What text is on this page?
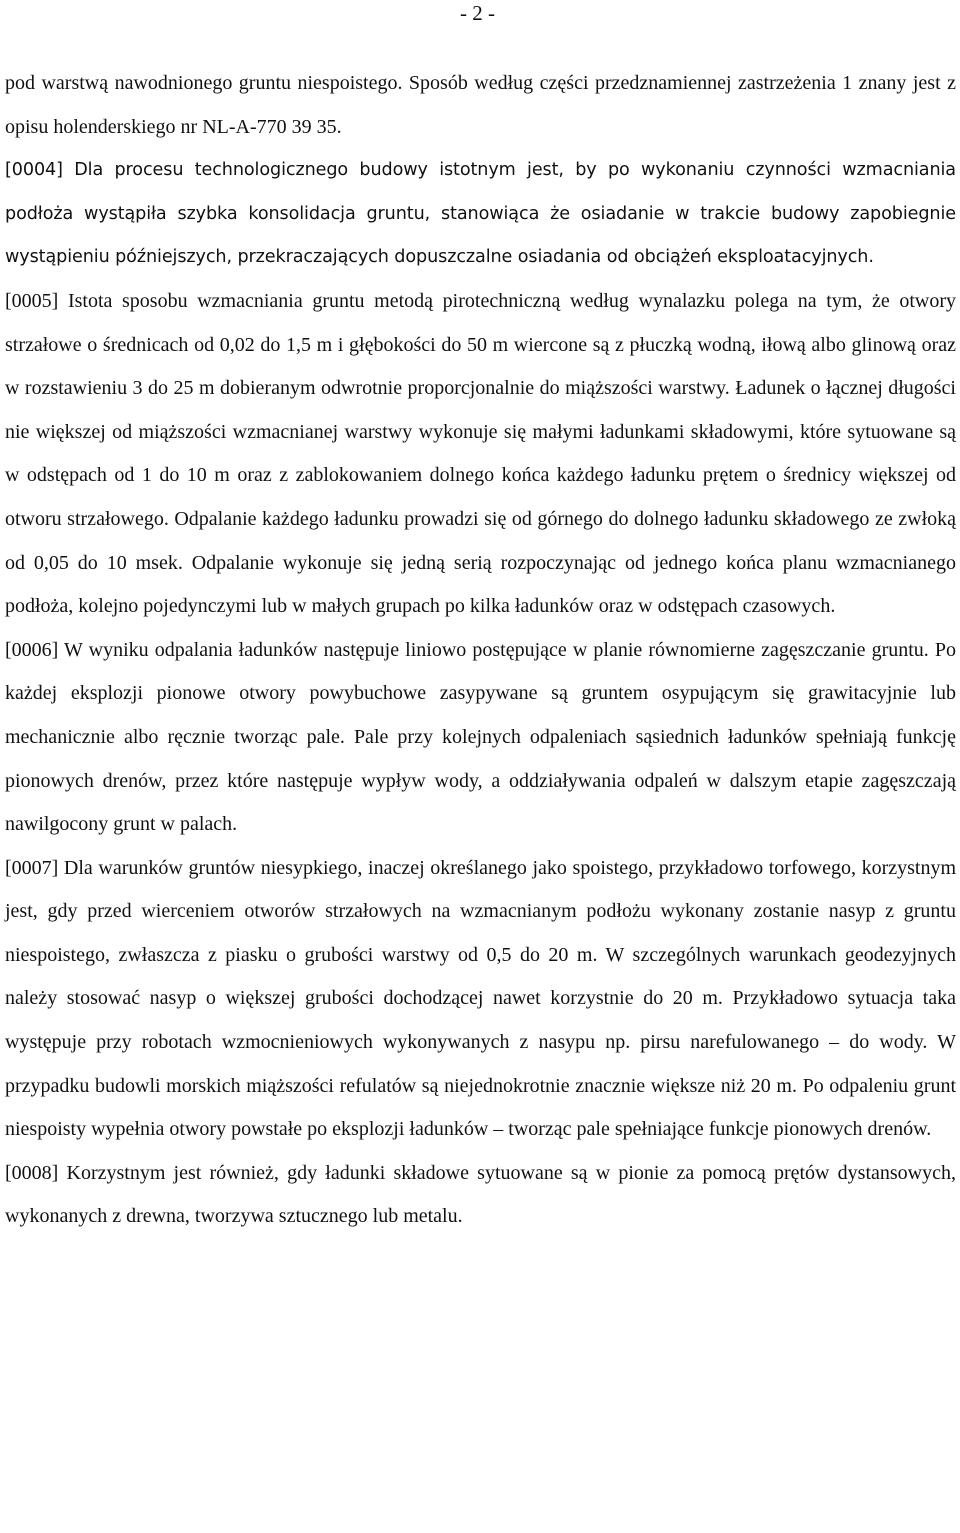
- 2 -

pod warstwą nawodnionego gruntu niespoistego. Sposób według części przedznamiennej zastrzeżenia 1 znany jest z opisu holenderskiego nr NL-A-770 39 35.

[0004] Dla procesu technologicznego budowy istotnym jest, by po wykonaniu czynności wzmacniania podłoża wystąpiła szybka konsolidacja gruntu, stanowiąca że osiadanie w trakcie budowy zapobiegnie wystąpieniu późniejszych, przekraczających dopuszczalne osiadania od obciążeń eksploatacyjnych.

[0005] Istota sposobu wzmacniania gruntu metodą pirotechniczną według wynalazku polega na tym, że otwory strzałowe o średnicach od 0,02 do 1,5 m i głębokości do 50 m wiercone są z płuczką wodną, iłową albo glinową oraz w rozstawieniu 3 do 25 m dobieranym odwrotnie proporcjonalnie do miąższości warstwy. Ładunek o łącznej długości nie większej od miąższości wzmacnianej warstwy wykonuje się małymi ładunkami składowymi, które sytuowane są w odstępach od 1 do 10 m oraz z zablokowaniem dolnego końca każdego ładunku prętem o średnicy większej od otworu strzałowego. Odpalanie każdego ładunku prowadzi się od górnego do dolnego ładunku składowego ze zwłoką od 0,05 do 10 msek. Odpalanie wykonuje się jedną serią rozpoczynając od jednego końca planu wzmacnianego podłoża, kolejno pojedynczymi lub w małych grupach po kilka ładunków oraz w odstępach czasowych.

[0006] W wyniku odpalania ładunków następuje liniowo postępujące w planie równomierne zagęszczanie gruntu. Po każdej eksplozji pionowe otwory powybuchowe zasypywane są gruntem osypującym się grawitacyjnie lub mechanicznie albo ręcznie tworząc pale. Pale przy kolejnych odpaleniach sąsiednich ładunków spełniają funkcję pionowych drenów, przez które następuje wypływ wody, a oddziaływania odpaleń w dalszym etapie zagęszczają nawilgocony grunt w palach.

[0007] Dla warunków gruntów niesypkiego, inaczej określanego jako spoistego, przykładowo torfowego, korzystnym jest, gdy przed wierceniem otworów strzałowych na wzmacnianym podłożu wykonany zostanie nasyp z gruntu niespoistego, zwłaszcza z piasku o grubości warstwy od 0,5 do 20 m. W szczególnych warunkach geodezyjnych należy stosować nasyp o większej grubości dochodzącej nawet korzystnie do 20 m. Przykładowo sytuacja taka występuje przy robotach wzmocnieniowych wykonywanych z nasypu np. pirsu narefulowanego – do wody. W przypadku budowli morskich miąższości refulatów są niejednokrotnie znacznie większe niż 20 m. Po odpaleniu grunt niespoisty wypełnia otwory powstałe po eksplozji ładunków – tworząc pale spełniające funkcje pionowych drenów.

[0008] Korzystnym jest również, gdy ładunki składowe sytuowane są w pionie za pomocą prętów dystansowych, wykonanych z drewna, tworzywa sztucznego lub metalu.
